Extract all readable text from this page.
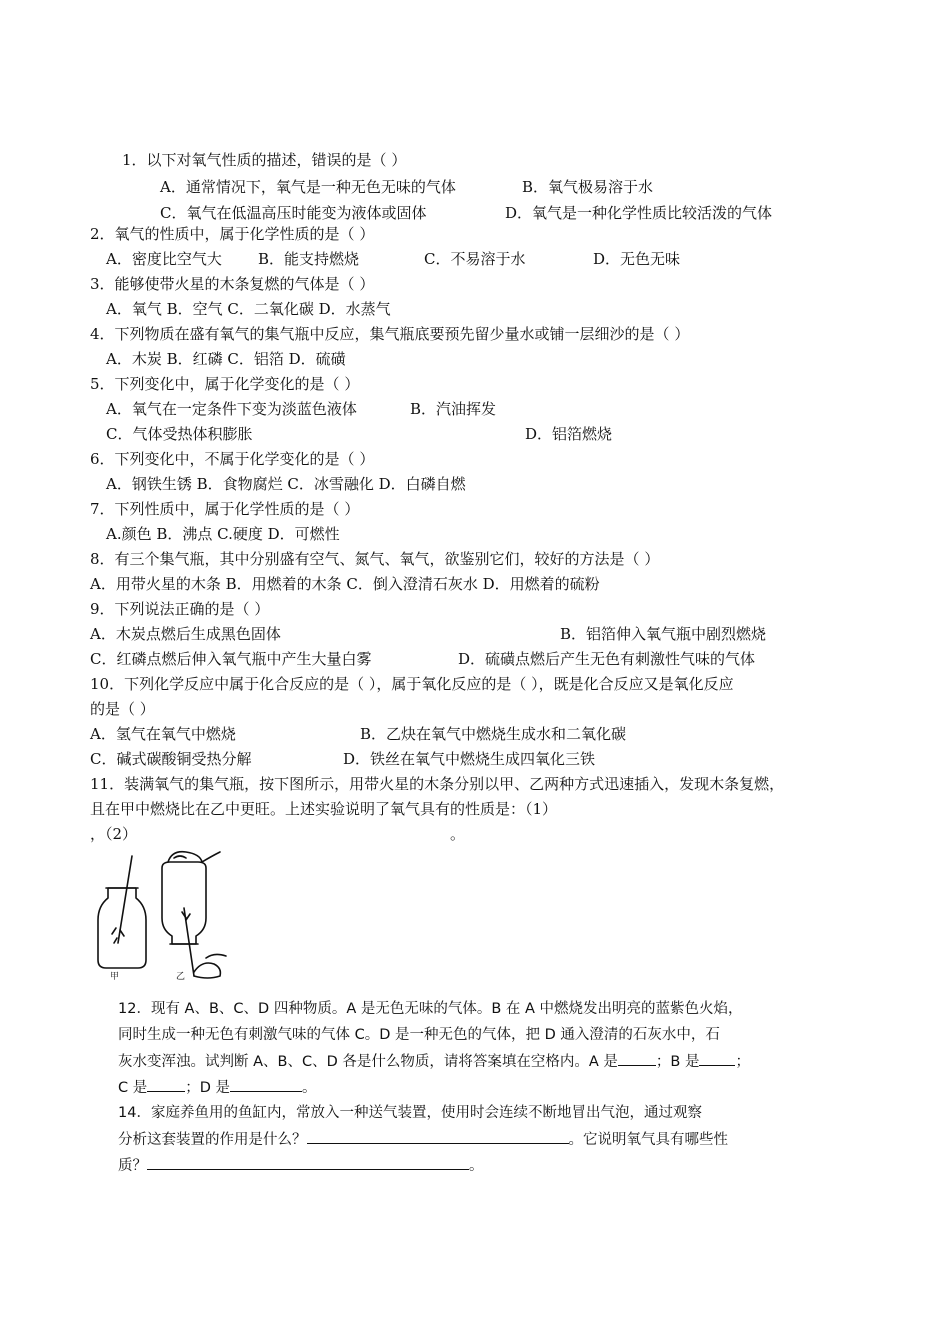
1．以下对氧气性质的描述，错误的是（ ）
A．通常情况下，氧气是一种无色无味的气体	B．氧气极易溶于水
C．氧气在低温高压时能变为液体或固体	D．氧气是一种化学性质比较活泼的气体
2．氧气的性质中，属于化学性质的是（ ）
A．密度比空气大 B．能支持燃烧	C．不易溶于水	D．无色无味
3．能够使带火星的木条复燃的气体是（ ）
A．氧气 B．空气 C．二氧化碳 D．水蒸气
4．下列物质在盛有氧气的集气瓶中反应，集气瓶底要预先留少量水或铺一层细沙的是（ ）
A．木炭 B．红磷 C．铝箔 D．硫磺
5．下列变化中，属于化学变化的是（ ）
A．氧气在一定条件下变为淡蓝色液体	B．汽油挥发
C．气体受热体积膨胀	D．铝箔燃烧
6．下列变化中，不属于化学变化的是（ ）
A．钢铁生锈 B．食物腐烂 C．冰雪融化 D．白磷自燃
7．下列性质中，属于化学性质的是（ ）
A.颜色 B．沸点 C.硬度 D．可燃性
8．有三个集气瓶，其中分别盛有空气、氮气、氧气，欲鉴别它们，较好的方法是（ ）
A．用带火星的木条 B．用燃着的木条 C．倒入澄清石灰水 D．用燃着的硫粉
9．下列说法正确的是（ ）
A．木炭点燃后生成黑色固体	B．铝箔伸入氧气瓶中剧烈燃烧
C．红磷点燃后伸入氧气瓶中产生大量白雾	D．硫磺点燃后产生无色有刺激性气味的气体
10．下列化学反应中属于化合反应的是（ ），属于氧化反应的是（ ），既是化合反应又是氧化反应
的是（ ）
A．氢气在氧气中燃烧	B．乙炔在氧气中燃烧生成水和二氧化碳
C．碱式碳酸铜受热分解	D．铁丝在氧气中燃烧生成四氧化三铁
11．装满氧气的集气瓶，按下图所示，用带火星的木条分别以甲、乙两种方式迅速插入，发现木条复燃，
且在甲中燃烧比在乙中更旺。上述实验说明了氧气具有的性质是：（1）
，（2）	。
甲	乙
12．现有 A、B、C、D 四种物质。A 是无色无味的气体。B 在 A 中燃烧发出明亮的蓝紫色火焰，
同时生成一种无色有刺激气味的气体 C。D 是一种无色的气体，把 D 通入澄清的石灰水中，石
灰水变浑浊。试判断 A、B、C、D 各是什么物质，请将答案填在空格内。A 是	；B 是 ；
C 是	；D 是	。
14．家庭养鱼用的鱼缸内，常放入一种送气装置，使用时会连续不断地冒出气泡，通过观察
分析这套装置的作用是什么？	。它说明氧气具有哪些性
质？	。
